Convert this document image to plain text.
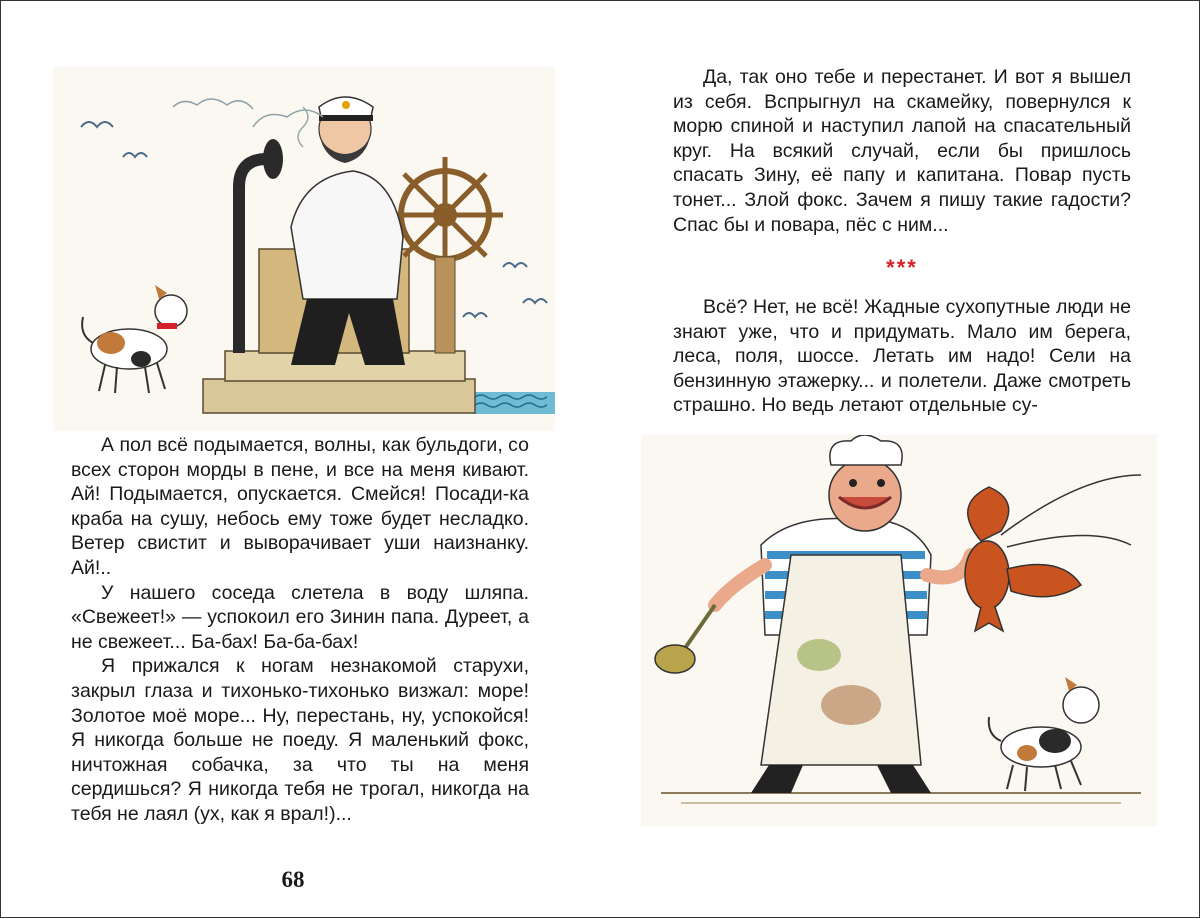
А пол всё подымается, волны, как бульдоги, со всех сторон морды в пене, и все на меня кивают. Ай! Подымается, опускается. Смейся! Посади-ка краба на сушу, небось ему тоже будет несладко. Ветер свистит и выворачивает уши наизнанку. Ай!..

У нашего соседа слетела в воду шляпа. «Свежеет!» — успокоил его Зинин папа. Дуреет, а не свежеет... Ба-бах! Ба-ба-бах!

Я прижался к ногам незнакомой старухи, закрыл глаза и тихонько-тихонько визжал: море! Золотое моё море... Ну, перестань, ну, успокойся! Я никогда больше не поеду. Я маленький фокс, ничтожная собачка, за что ты на меня сердишься? Я никогда тебя не трогал, никогда на тебя не лаял (ух, как я врал!)...

68

Да, так оно тебе и перестанет. И вот я вышел из себя. Вспрыгнул на скамейку, повернулся к морю спиной и наступил лапой на спасательный круг. На всякий случай, если бы пришлось спасать Зину, её папу и капитана. Повар пусть тонет... Злой фокс. Зачем я пишу такие гадости? Спас бы и повара, пёс с ним...

***

Всё? Нет, не всё! Жадные сухопутные люди не знают уже, что и придумать. Мало им берега, леса, поля, шоссе. Летать им надо! Сели на бензинную этажерку... и полетели. Даже смотреть страшно. Но ведь летают отдельные су-
